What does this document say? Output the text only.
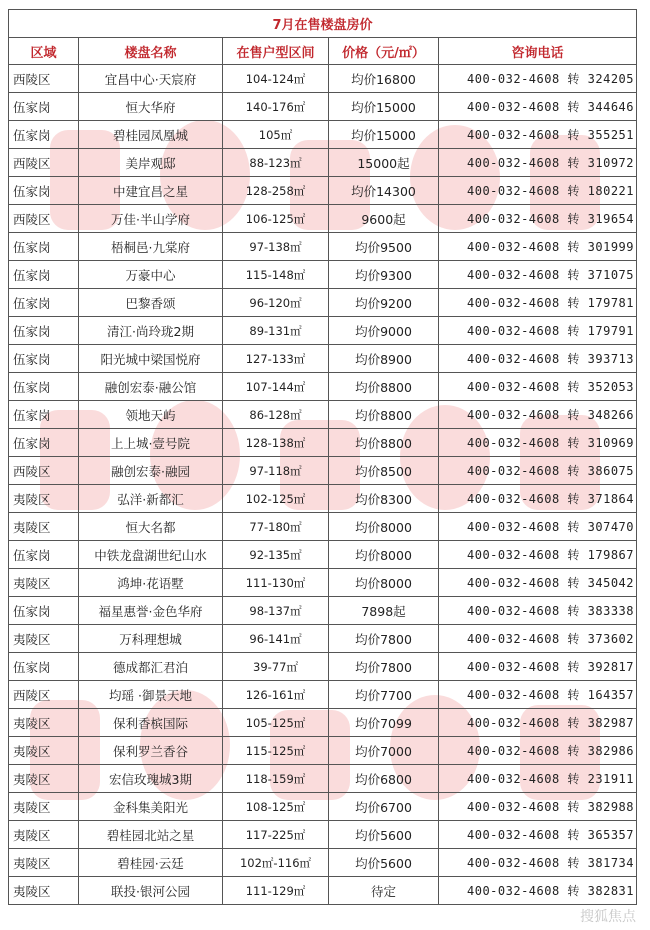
7月在售楼盘房价				
区域	楼盘名称	在售户型区间	价格（元/㎡）	咨询电话
西陵区	宜昌中心·天宸府	104-124㎡	均价16800	400-032-4608 转 324205
伍家岗	恒大华府	140-176㎡	均价15000	400-032-4608 转 344646
伍家岗	碧桂园凤凰城	105㎡	均价15000	400-032-4608 转 355251
西陵区	美岸观邸	88-123㎡	15000起	400-032-4608 转 310972
伍家岗	中建宜昌之星	128-258㎡	均价14300	400-032-4608 转 180221
西陵区	万佳·半山学府	106-125㎡	9600起	400-032-4608 转 319654
伍家岗	梧桐邑·九棠府	97-138㎡	均价9500	400-032-4608 转 301999
伍家岗	万豪中心	115-148㎡	均价9300	400-032-4608 转 371075
伍家岗	巴黎香颂	96-120㎡	均价9200	400-032-4608 转 179781
伍家岗	清江·尚玲珑2期	89-131㎡	均价9000	400-032-4608 转 179791
伍家岗	阳光城中梁国悦府	127-133㎡	均价8900	400-032-4608 转 393713
伍家岗	融创宏泰·融公馆	107-144㎡	均价8800	400-032-4608 转 352053
伍家岗	领地天屿	86-128㎡	均价8800	400-032-4608 转 348266
伍家岗	上上城·壹号院	128-138㎡	均价8800	400-032-4608 转 310969
西陵区	融创宏泰·融园	97-118㎡	均价8500	400-032-4608 转 386075
夷陵区	弘洋·新都汇	102-125㎡	均价8300	400-032-4608 转 371864
夷陵区	恒大名都	77-180㎡	均价8000	400-032-4608 转 307470
伍家岗	中铁龙盘湖世纪山水	92-135㎡	均价8000	400-032-4608 转 179867
夷陵区	鸿坤·花语墅	111-130㎡	均价8000	400-032-4608 转 345042
伍家岗	福星惠誉·金色华府	98-137㎡	7898起	400-032-4608 转 383338
夷陵区	万科理想城	96-141㎡	均价7800	400-032-4608 转 373602
伍家岗	德成都汇君泊	39-77㎡	均价7800	400-032-4608 转 392817
西陵区	均瑶 ·御景天地	126-161㎡	均价7700	400-032-4608 转 164357
夷陵区	保利香槟国际	105-125㎡	均价7099	400-032-4608 转 382987
夷陵区	保利罗兰香谷	115-125㎡	均价7000	400-032-4608 转 382986
夷陵区	宏信玫瑰城3期	118-159㎡	均价6800	400-032-4608 转 231911
夷陵区	金科集美阳光	108-125㎡	均价6700	400-032-4608 转 382988
夷陵区	碧桂园北站之星	117-225㎡	均价5600	400-032-4608 转 365357
夷陵区	碧桂园·云廷	102㎡-116㎡	均价5600	400-032-4608 转 381734
夷陵区	联投·银河公园	111-129㎡	待定	400-032-4608 转 382831
搜狐焦点
